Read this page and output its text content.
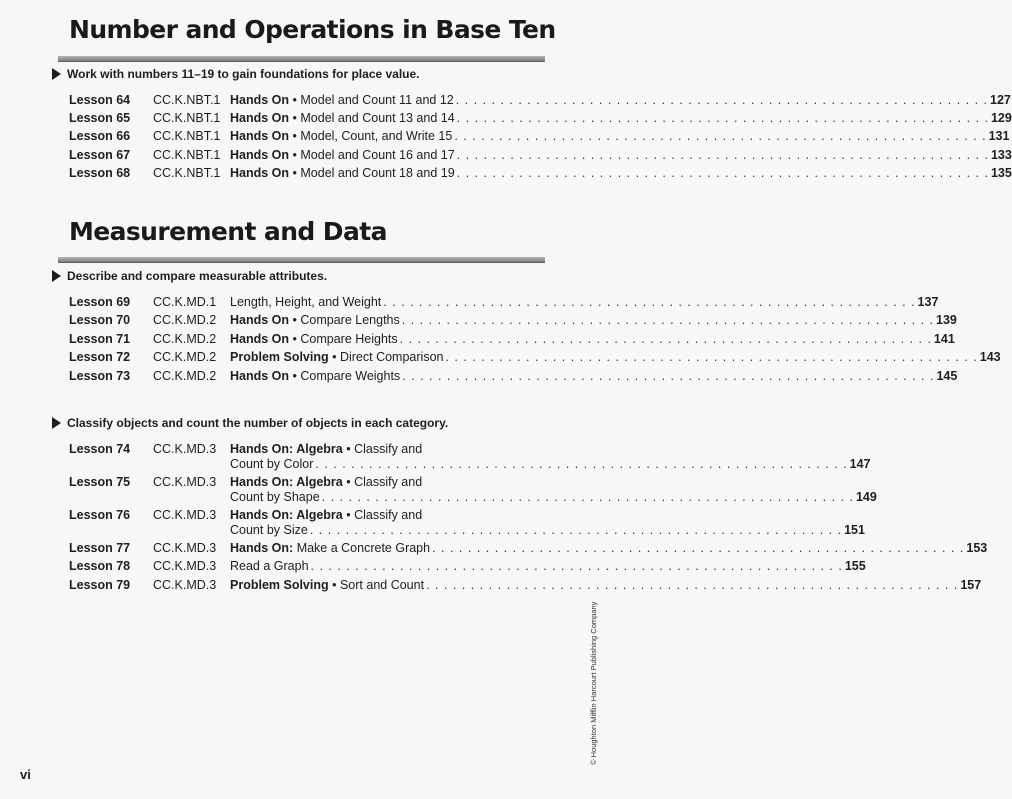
Number and Operations in Base Ten
Work with numbers 11–19 to gain foundations for place value.
Lesson 64 CC.K.NBT.1 Hands On • Model and Count 11 and 12 . . . . . . . . . . . . . . . . . . . . . . . . . . . . . . . . . . . . . . . . . . . . . . . . . . . . . . . . . . . . 127
Lesson 65 CC.K.NBT.1 Hands On • Model and Count 13 and 14 . . . . . . . . . . . . . . . . . . . . . . . . . . . . . . . . . . . . . . . . . . . . . . . . . . . . . . . . . . . . 129
Lesson 66 CC.K.NBT.1 Hands On • Model, Count, and Write 15 . . . . . . . . . . . . . . . . . . . . . . . . . . . . . . . . . . . . . . . . . . . . . . . . . . . . . . . . . . . . 131
Lesson 67 CC.K.NBT.1 Hands On • Model and Count 16 and 17 . . . . . . . . . . . . . . . . . . . . . . . . . . . . . . . . . . . . . . . . . . . . . . . . . . . . . . . . . . . . 133
Lesson 68 CC.K.NBT.1 Hands On • Model and Count 18 and 19 . . . . . . . . . . . . . . . . . . . . . . . . . . . . . . . . . . . . . . . . . . . . . . . . . . . . . . . . . . . . 135
Measurement and Data
Describe and compare measurable attributes.
Lesson 69 CC.K.MD.1 Length, Height, and Weight . . . . . . . . . . . . . . . . . . . . . . . . . . . . . . . . . . . . . . . . . . . . . . . . . . . . . . . . . . . . 137
Lesson 70 CC.K.MD.2 Hands On • Compare Lengths . . . . . . . . . . . . . . . . . . . . . . . . . . . . . . . . . . . . . . . . . . . . . . . . . . . . . . . . . . . . 139
Lesson 71 CC.K.MD.2 Hands On • Compare Heights . . . . . . . . . . . . . . . . . . . . . . . . . . . . . . . . . . . . . . . . . . . . . . . . . . . . . . . . . . . . 141
Lesson 72 CC.K.MD.2 Problem Solving • Direct Comparison . . . . . . . . . . . . . . . . . . . . . . . . . . . . . . . . . . . . . . . . . . . . . . . . . . . . . . . . . . . . 143
Lesson 73 CC.K.MD.2 Hands On • Compare Weights . . . . . . . . . . . . . . . . . . . . . . . . . . . . . . . . . . . . . . . . . . . . . . . . . . . . . . . . . . . . 145
Classify objects and count the number of objects in each category.
Lesson 74 CC.K.MD.3 Hands On: Algebra • Classify and
Count by Color . . . . . . . . . . . . . . . . . . . . . . . . . . . . . . . . . . . . . . . . . . . . . . . . . . . . . . . . . . . . 147
Lesson 75 CC.K.MD.3 Hands On: Algebra • Classify and
Count by Shape . . . . . . . . . . . . . . . . . . . . . . . . . . . . . . . . . . . . . . . . . . . . . . . . . . . . . . . . . . . . 149
Lesson 76 CC.K.MD.3 Hands On: Algebra • Classify and
Count by Size . . . . . . . . . . . . . . . . . . . . . . . . . . . . . . . . . . . . . . . . . . . . . . . . . . . . . . . . . . . . 151
Lesson 77 CC.K.MD.3 Hands On: Make a Concrete Graph . . . . . . . . . . . . . . . . . . . . . . . . . . . . . . . . . . . . . . . . . . . . . . . . . . . . . . . . . . . . 153
Lesson 78 CC.K.MD.3 Read a Graph . . . . . . . . . . . . . . . . . . . . . . . . . . . . . . . . . . . . . . . . . . . . . . . . . . . . . . . . . . . . 155
Lesson 79 CC.K.MD.3 Problem Solving • Sort and Count . . . . . . . . . . . . . . . . . . . . . . . . . . . . . . . . . . . . . . . . . . . . . . . . . . . . . . . . . . . . 157
vi
© Houghton Mifflin Harcourt Publishing Company
